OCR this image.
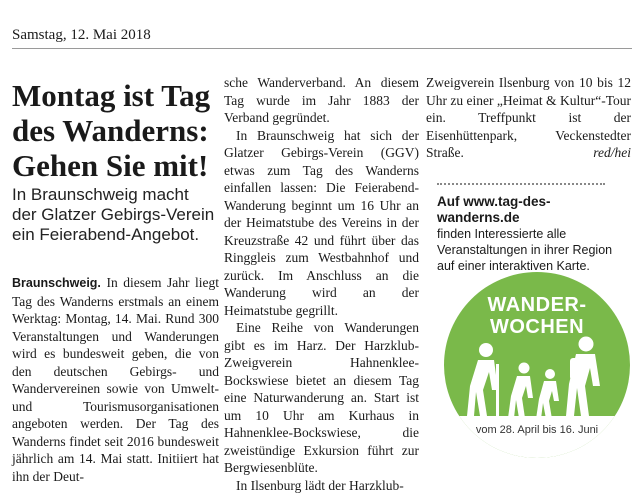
Samstag, 12. Mai 2018
Montag ist Tag des Wanderns: Gehen Sie mit!

In Braunschweig macht der Glatzer Gebirgs-Verein ein Feierabend-Angebot.

Braunschweig. In diesem Jahr liegt Tag des Wanderns erstmals an einem Werktag: Montag, 14. Mai. Rund 300 Veranstaltungen und Wanderungen wird es bundesweit geben, die von den deutschen Gebirgs- und Wandervereinen sowie von Umwelt- und Tourismusorganisationen angeboten werden. Der Tag des Wanderns findet seit 2016 bundesweit jährlich am 14. Mai statt. Initiiert hat ihn der Deut-

sche Wanderverband. An diesem Tag wurde im Jahr 1883 der Verband gegründet.

In Braunschweig hat sich der Glatzer Gebirgs-Verein (GGV) etwas zum Tag des Wanderns einfallen lassen: Die Feierabend-Wanderung beginnt um 16 Uhr an der Heimatstube des Vereins in der Kreuzstraße 42 und führt über das Ringgleis zum Westbahnhof und zurück. Im Anschluss an die Wanderung wird an der Heimatstube gegrillt.

Eine Reihe von Wanderungen gibt es im Harz. Der Harzklub-Zweigverein Hahnenklee-Bockswiese bietet an diesem Tag eine Naturwanderung an. Start ist um 10 Uhr am Kurhaus in Hahnenklee-Bockswiese, die zweistündige Exkursion führt zur Bergwiesenblüte.

In Ilsenburg lädt der Harzklub-

Zweigverein Ilsenburg von 10 bis 12 Uhr zu einer „Heimat & Kultur“-Tour ein. Treffpunkt ist der Eisenhüttenpark, Veckenstedter Straße.	red/hei

Auf www.tag-des-wanderns.de
finden Interessierte alle Veranstaltungen in ihrer Region auf einer interaktiven Karte.
WANDER-
WOCHEN
vom 28. April bis 16. Juni
